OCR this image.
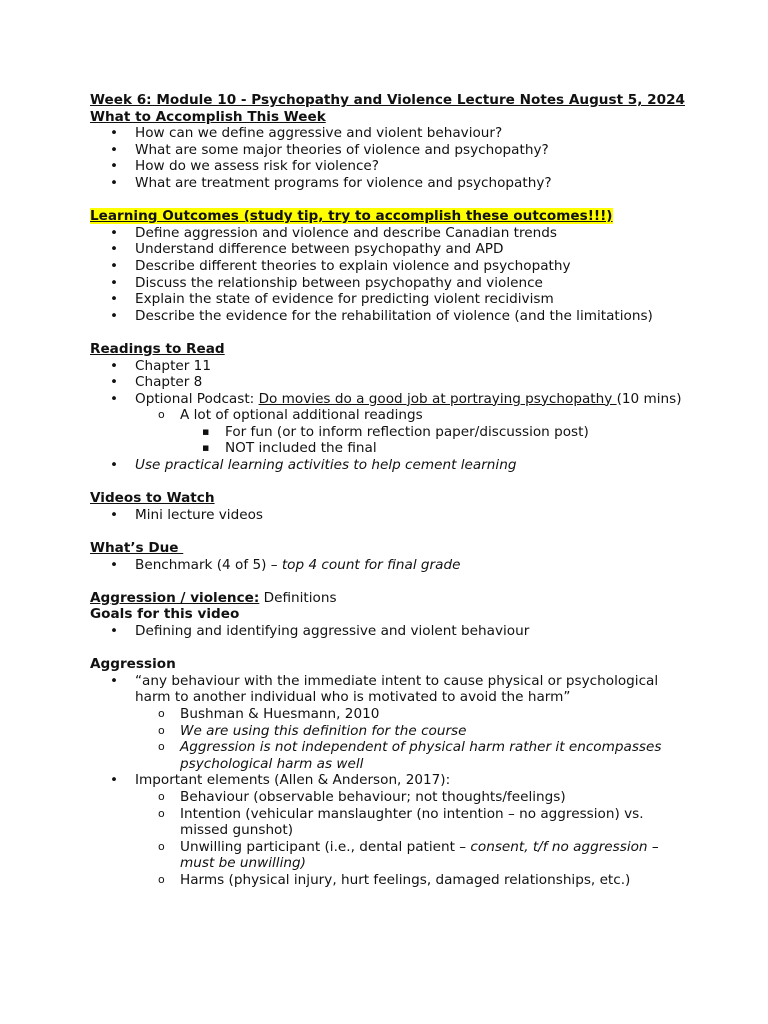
Week 6: Module 10 - Psychopathy and Violence Lecture Notes August 5, 2024
What to Accomplish This Week
• How can we define aggressive and violent behaviour?
• What are some major theories of violence and psychopathy?
• How do we assess risk for violence?
• What are treatment programs for violence and psychopathy?
Learning Outcomes (study tip, try to accomplish these outcomes!!!)
• Define aggression and violence and describe Canadian trends
• Understand difference between psychopathy and APD
• Describe different theories to explain violence and psychopathy
• Discuss the relationship between psychopathy and violence
• Explain the state of evidence for predicting violent recidivism
• Describe the evidence for the rehabilitation of violence (and the limitations)
Readings to Read
• Chapter 11
• Chapter 8
• Optional Podcast: Do movies do a good job at portraying psychopathy (10 mins)
o A lot of optional additional readings
▪ For fun (or to inform reflection paper/discussion post)
▪ NOT included the final
• Use practical learning activities to help cement learning
Videos to Watch
• Mini lecture videos
What’s Due
• Benchmark (4 of 5) – top 4 count for final grade
Aggression / violence: Definitions
Goals for this video
• Defining and identifying aggressive and violent behaviour
Aggression
• “any behaviour with the immediate intent to cause physical or psychological harm to another individual who is motivated to avoid the harm”
o Bushman & Huesmann, 2010
o We are using this definition for the course
o Aggression is not independent of physical harm rather it encompasses psychological harm as well
• Important elements (Allen & Anderson, 2017):
o Behaviour (observable behaviour; not thoughts/feelings)
o Intention (vehicular manslaughter (no intention – no aggression) vs. missed gunshot)
o Unwilling participant (i.e., dental patient – consent, t/f no aggression – must be unwilling)
o Harms (physical injury, hurt feelings, damaged relationships, etc.)
